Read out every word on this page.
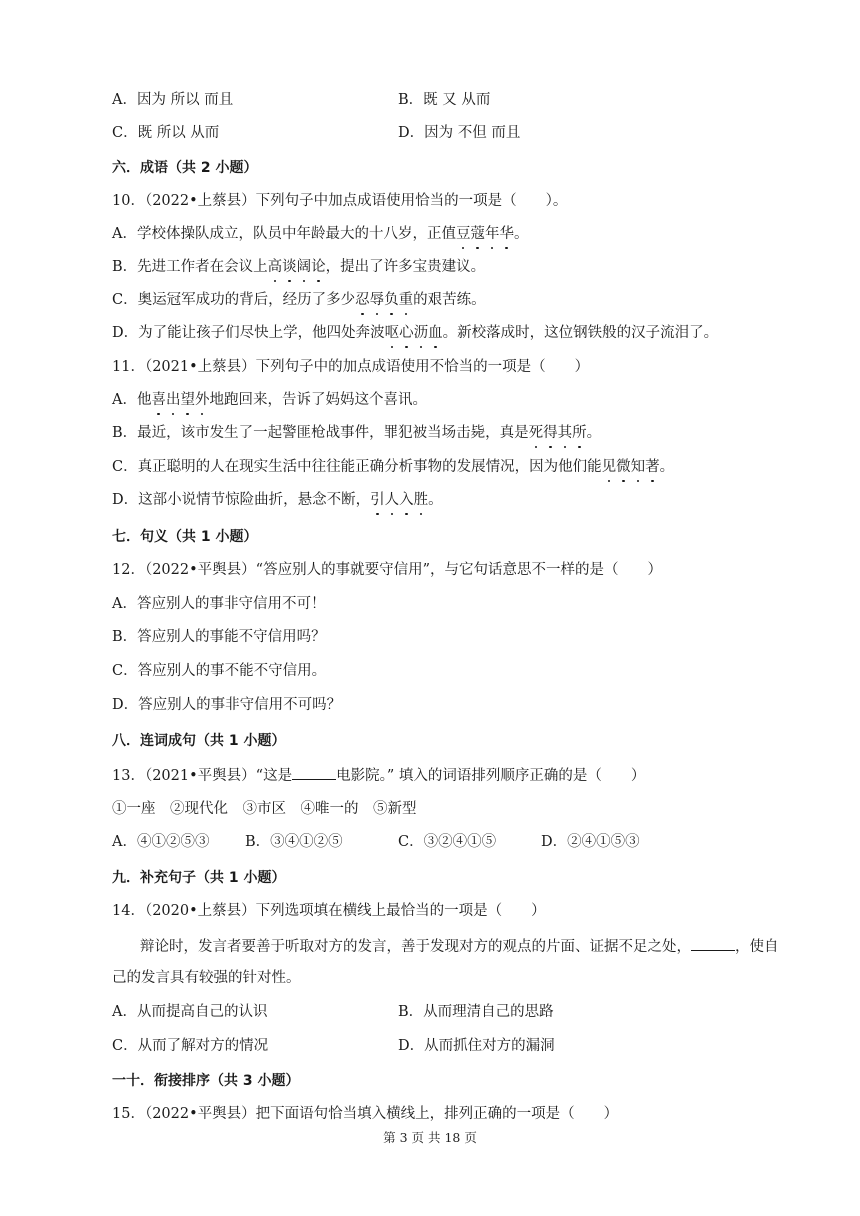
A．因为 所以 而且	B．既 又 从而
C．既 所以 从而	D．因为 不但 而且
六．成语（共 2 小题）
10．（2022•上蔡县）下列句子中加点成语使用恰当的一项是（　　）。
A．学校体操队成立，队员中年龄最大的十八岁，正值豆蔻年华。
B．先进工作者在会议上高谈阔论，提出了许多宝贵建议。
C．奥运冠军成功的背后，经历了多少忍辱负重的艰苦练。
D．为了能让孩子们尽快上学，他四处奔波呕心沥血。新校落成时，这位钢铁般的汉子流泪了。
11．（2021•上蔡县）下列句子中的加点成语使用不恰当的一项是（　　）
A．他喜出望外地跑回来，告诉了妈妈这个喜讯。
B．最近，该市发生了一起警匪枪战事件，罪犯被当场击毙，真是死得其所。
C．真正聪明的人在现实生活中往往能正确分析事物的发展情况，因为他们能见微知著。
D．这部小说情节惊险曲折，悬念不断，引人入胜。
七．句义（共 1 小题）
12．（2022•平舆县）“答应别人的事就要守信用”，与它句话意思不一样的是（　　）
A．答应别人的事非守信用不可！
B．答应别人的事能不守信用吗？
C．答应别人的事不能不守信用。
D．答应别人的事非守信用不可吗？
八．连词成句（共 1 小题）
13．（2021•平舆县）“这是	电影院。” 填入的词语排列顺序正确的是（　　）
①一座　②现代化　③市区　④唯一的　⑤新型
A．④①②⑤③ B．③④①②⑤	C．③②④①⑤	D．②④①⑤③
九．补充句子（共 1 小题）
14．（2020•上蔡县）下列选项填在横线上最恰当的一项是（　　）
辩论时，发言者要善于听取对方的发言，善于发现对方的观点的片面、证据不足之处，	，使自
己的发言具有较强的针对性。
A．从而提高自己的认识	B．从而理清自己的思路
C．从而了解对方的情况	D．从而抓住对方的漏洞
一十．衔接排序（共 3 小题）
15．（2022•平舆县）把下面语句恰当填入横线上，排列正确的一项是（　　）
第 3 页 共 18 页
